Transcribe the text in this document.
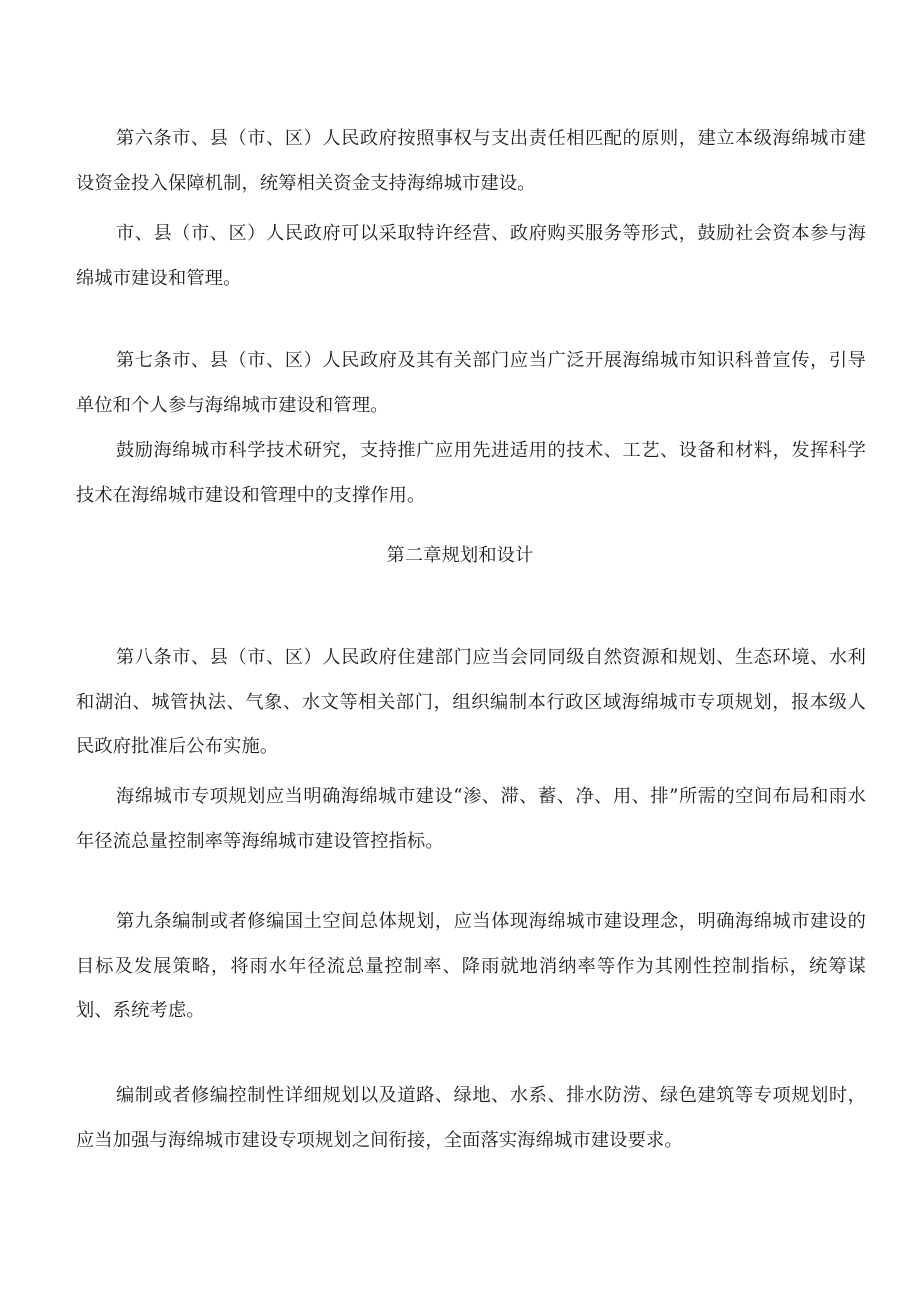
第六条市、县（市、区）人民政府按照事权与支出责任相匹配的原则，建立本级海绵城市建设资金投入保障机制，统筹相关资金支持海绵城市建设。

市、县（市、区）人民政府可以采取特许经营、政府购买服务等形式，鼓励社会资本参与海绵城市建设和管理。

第七条市、县（市、区）人民政府及其有关部门应当广泛开展海绵城市知识科普宣传，引导单位和个人参与海绵城市建设和管理。

鼓励海绵城市科学技术研究，支持推广应用先进适用的技术、工艺、设备和材料，发挥科学技术在海绵城市建设和管理中的支撑作用。

第二章规划和设计

第八条市、县（市、区）人民政府住建部门应当会同同级自然资源和规划、生态环境、水利和湖泊、城管执法、气象、水文等相关部门，组织编制本行政区域海绵城市专项规划，报本级人民政府批准后公布实施。

海绵城市专项规划应当明确海绵城市建设“渗、滞、蓄、净、用、排”所需的空间布局和雨水年径流总量控制率等海绵城市建设管控指标。

第九条编制或者修编国土空间总体规划，应当体现海绵城市建设理念，明确海绵城市建设的目标及发展策略，将雨水年径流总量控制率、降雨就地消纳率等作为其刚性控制指标，统筹谋划、系统考虑。

编制或者修编控制性详细规划以及道路、绿地、水系、排水防涝、绿色建筑等专项规划时，应当加强与海绵城市建设专项规划之间衔接，全面落实海绵城市建设要求。
